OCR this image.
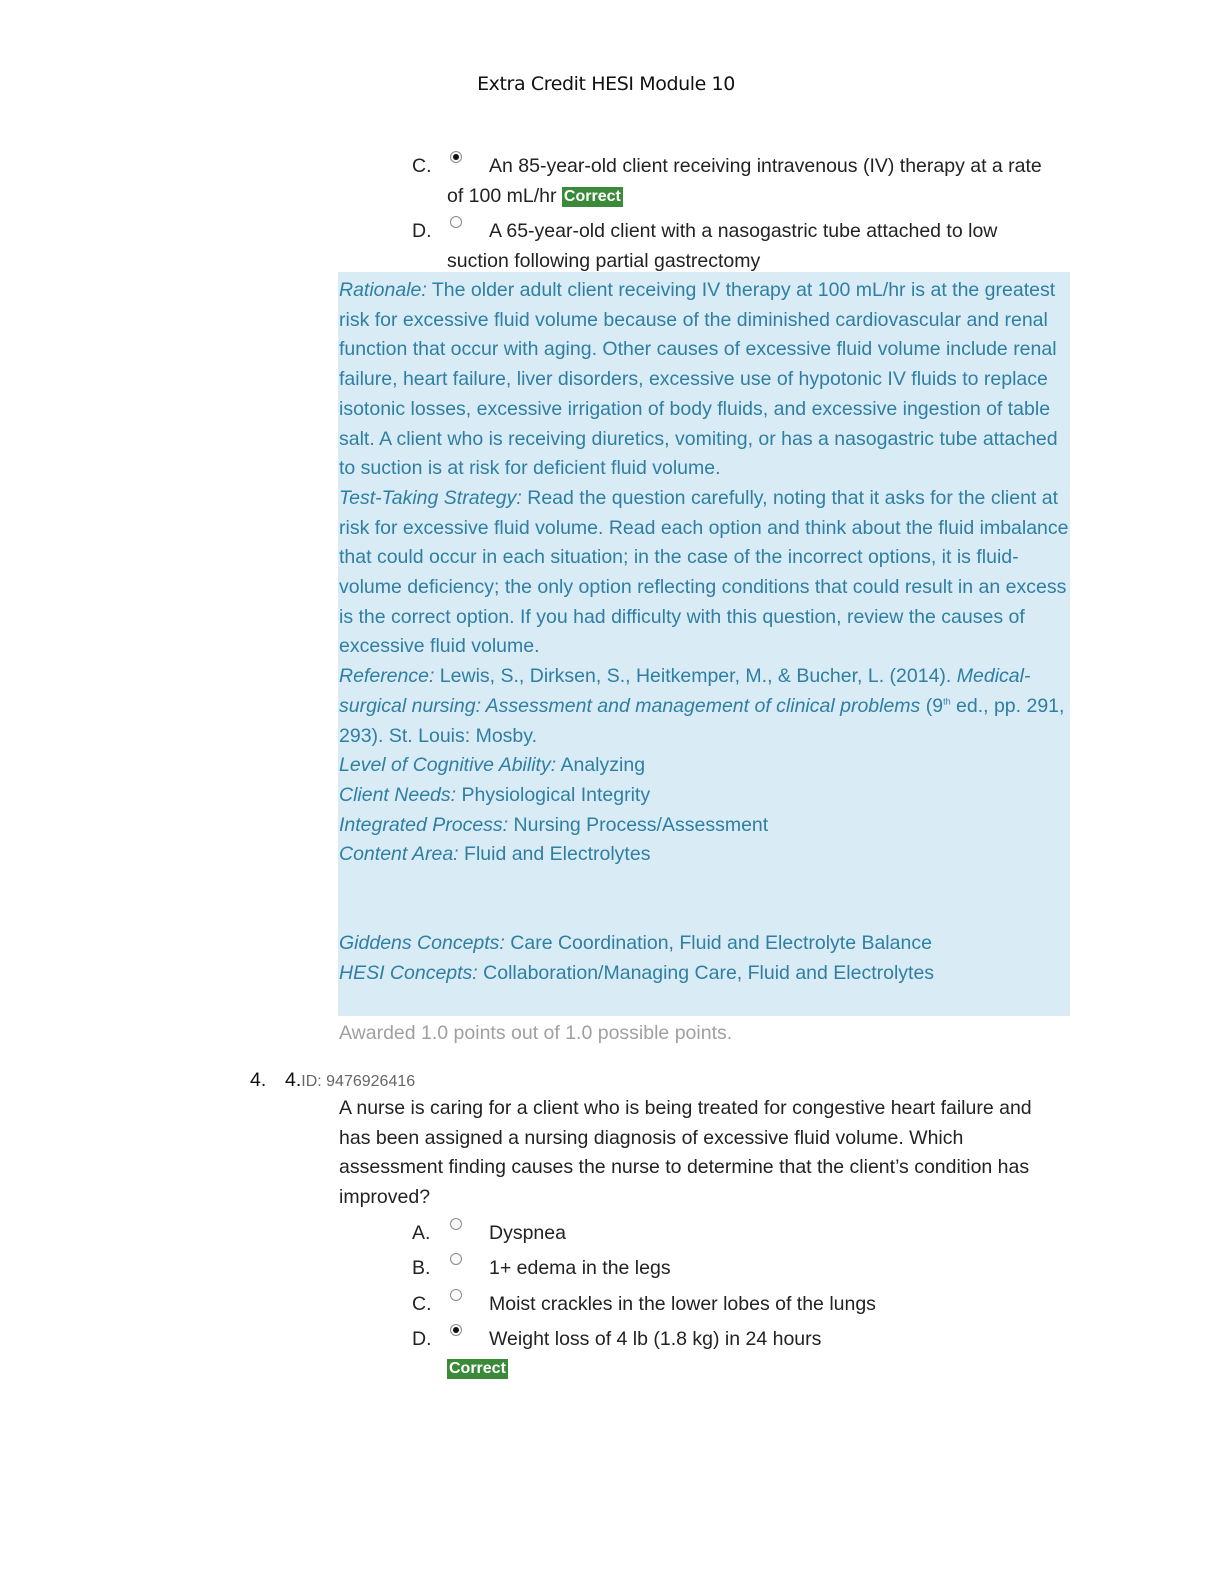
Extra Credit HESI Module 10
C.	An 85-year-old client receiving intravenous (IV) therapy at a rate of 100 mL/hr Correct
D.	A 65-year-old client with a nasogastric tube attached to low suction following partial gastrectomy

Rationale: The older adult client receiving IV therapy at 100 mL/hr is at the greatest risk for excessive fluid volume because of the diminished cardiovascular and renal function that occur with aging. Other causes of excessive fluid volume include renal failure, heart failure, liver disorders, excessive use of hypotonic IV fluids to replace isotonic losses, excessive irrigation of body fluids, and excessive ingestion of table salt. A client who is receiving diuretics, vomiting, or has a nasogastric tube attached to suction is at risk for deficient fluid volume.

Test-Taking Strategy: Read the question carefully, noting that it asks for the client at risk for excessive fluid volume. Read each option and think about the fluid imbalance that could occur in each situation; in the case of the incorrect options, it is fluid-volume deficiency; the only option reflecting conditions that could result in an excess is the correct option. If you had difficulty with this question, review the causes of excessive fluid volume.

Reference: Lewis, S., Dirksen, S., Heitkemper, M., & Bucher, L. (2014). Medical-surgical nursing: Assessment and management of clinical problems (9th ed., pp. 291, 293). St. Louis: Mosby.

Level of Cognitive Ability: Analyzing

Client Needs: Physiological Integrity

Integrated Process: Nursing Process/Assessment

Content Area: Fluid and Electrolytes

Giddens Concepts: Care Coordination, Fluid and Electrolyte Balance

HESI Concepts: Collaboration/Managing Care, Fluid and Electrolytes

Awarded 1.0 points out of 1.0 possible points.
4. 4.ID: 9476926416
A nurse is caring for a client who is being treated for congestive heart failure and has been assigned a nursing diagnosis of excessive fluid volume. Which assessment finding causes the nurse to determine that the client’s condition has improved?
A.	Dyspnea
B.	1+ edema in the legs
C.	Moist crackles in the lower lobes of the lungs
D.	Weight loss of 4 lb (1.8 kg) in 24 hours
Correct
